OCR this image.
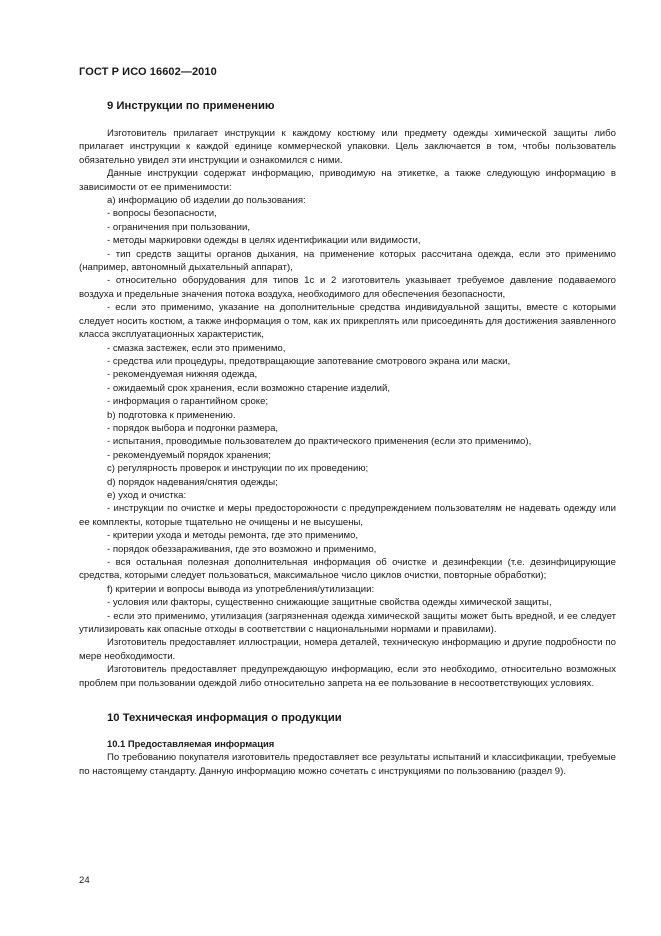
ГОСТ Р ИСО 16602—2010
9 Инструкции по применению

Изготовитель прилагает инструкции к каждому костюму или предмету одежды химической защиты либо прилагает инструкции к каждой единице коммерческой упаковки. Цель заключается в том, чтобы пользователь обязательно увидел эти инструкции и ознакомился с ними.

Данные инструкции содержат информацию, приводимую на этикетке, а также следующую информацию в зависимости от ее применимости:

а) информацию об изделии до пользования:

- вопросы безопасности,

- ограничения при пользовании,

- методы маркировки одежды в целях идентификации или видимости,

- тип средств защиты органов дыхания, на применение которых рассчитана одежда, если это применимо (например, автономный дыхательный аппарат),

- относительно оборудования для типов 1с и 2 изготовитель указывает требуемое давление подаваемого воздуха и предельные значения потока воздуха, необходимого для обеспечения безопасности,

- если это применимо, указание на дополнительные средства индивидуальной защиты, вместе с которыми следует носить костюм, а также информация о том, как их прикреплять или присоединять для достижения заявленного класса эксплуатационных характеристик,

- смазка застежек, если это применимо,

- средства или процедуры, предотвращающие запотевание смотрового экрана или маски,

- рекомендуемая нижняя одежда,

- ожидаемый срок хранения, если возможно старение изделий,

- информация о гарантийном сроке;

b) подготовка к применению.

- порядок выбора и подгонки размера,

- испытания, проводимые пользователем до практического применения (если это применимо),

- рекомендуемый порядок хранения;

c) регулярность проверок и инструкции по их проведению;

d) порядок надевания/снятия одежды;

e) уход и очистка:

- инструкции по очистке и меры предосторожности с предупреждением пользователям не надевать одежду или ее комплекты, которые тщательно не очищены и не высушены,

- критерии ухода и методы ремонта, где это применимо,

- порядок обеззараживания, где это возможно и применимо,

- вся остальная полезная дополнительная информация об очистке и дезинфекции (т.е. дезинфицирующие средства, которыми следует пользоваться, максимальное число циклов очистки, повторные обработки);

f) критерии и вопросы вывода из употребления/утилизации:

- условия или факторы, существенно снижающие защитные свойства одежды химической защиты,

- если это применимо, утилизация (загрязненная одежда химической защиты может быть вредной, и ее следует утилизировать как опасные отходы в соответствии с национальными нормами и правилами).

Изготовитель предоставляет иллюстрации, номера деталей, техническую информацию и другие подробности по мере необходимости.

Изготовитель предоставляет предупреждающую информацию, если это необходимо, относительно возможных проблем при пользовании одеждой либо относительно запрета на ее пользование в несоответствующих условиях.

10 Техническая информация о продукции
10.1 Предоставляемая информация

По требованию покупателя изготовитель предоставляет все результаты испытаний и классификации, требуемые по настоящему стандарту. Данную информацию можно сочетать с инструкциями по пользованию (раздел 9).

24
